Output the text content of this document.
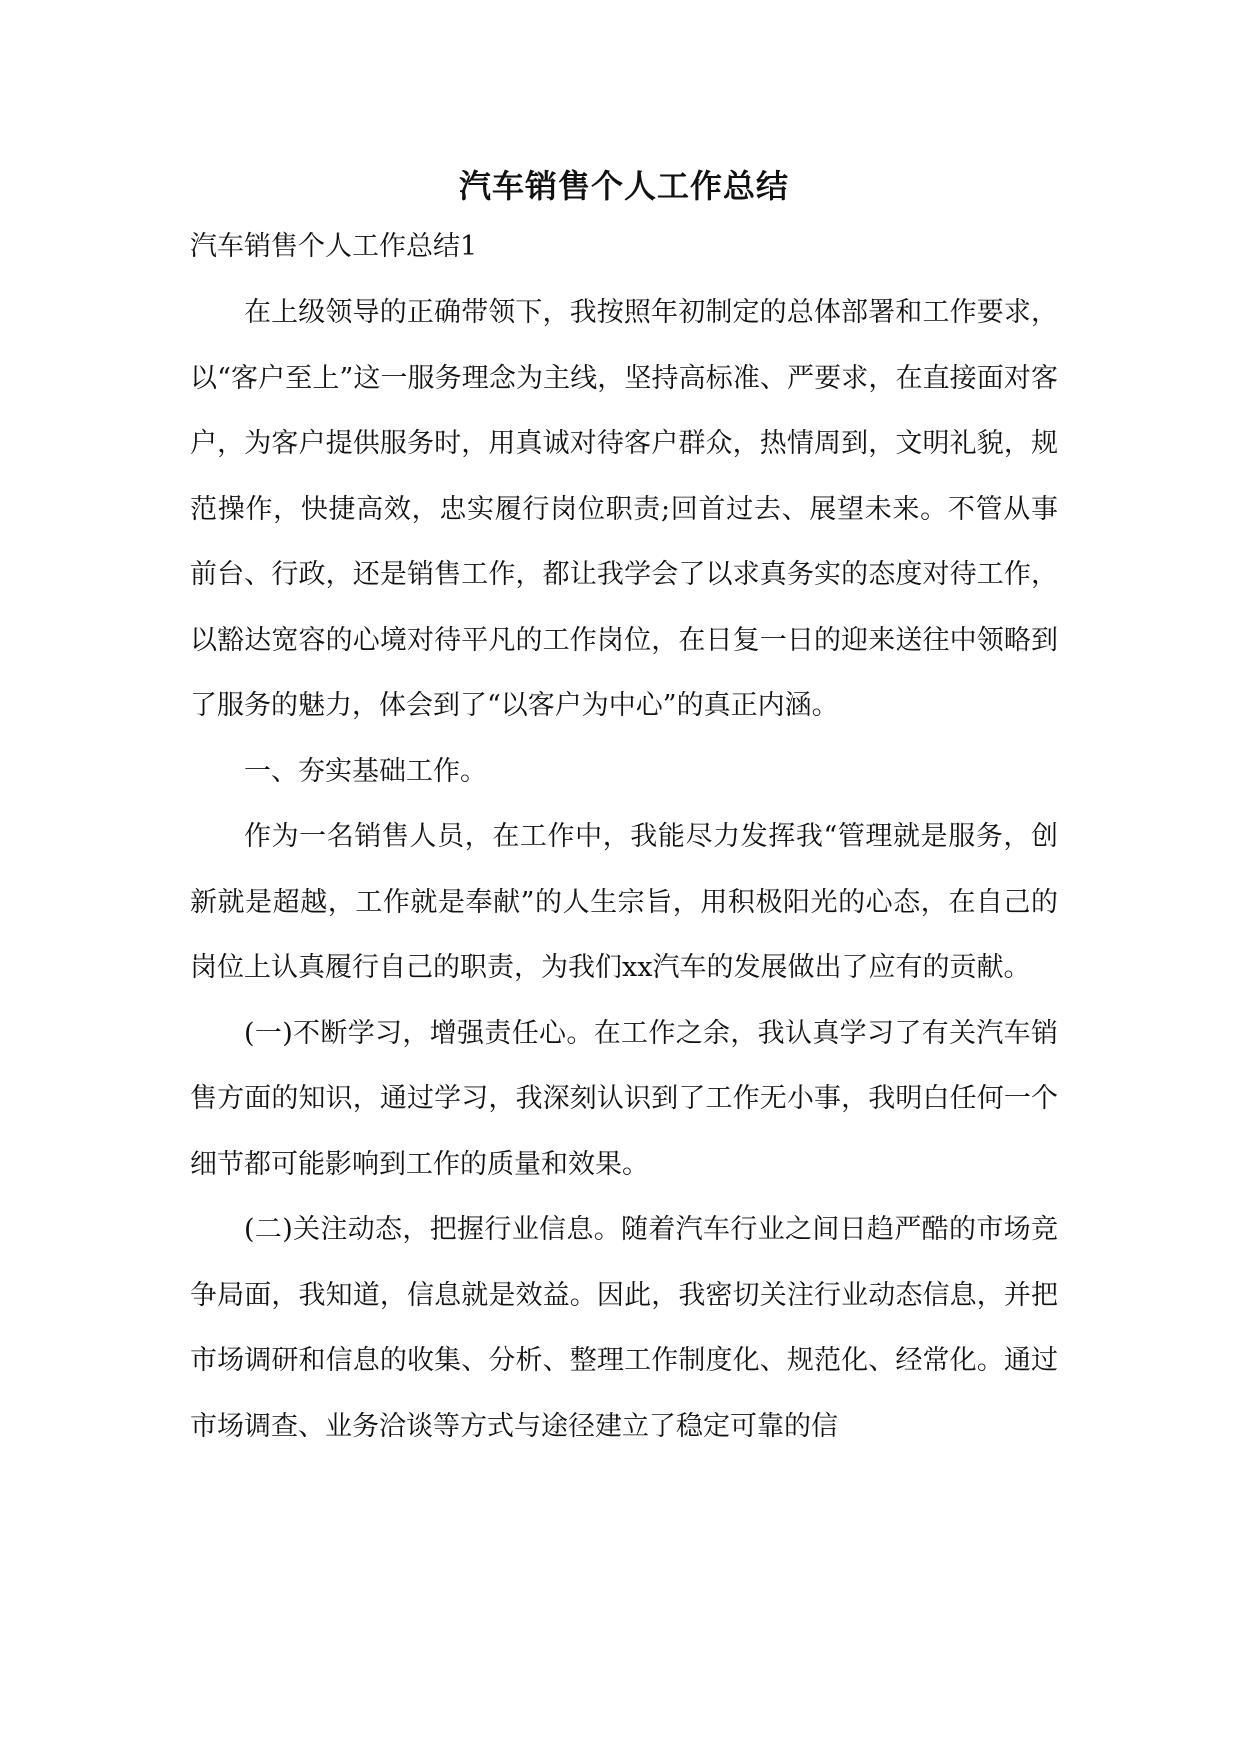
汽车销售个人工作总结

汽车销售个人工作总结1

在上级领导的正确带领下，我按照年初制定的总体部署和工作要求，以“客户至上”这一服务理念为主线，坚持高标准、严要求，在直接面对客户，为客户提供服务时，用真诚对待客户群众，热情周到，文明礼貌，规范操作，快捷高效，忠实履行岗位职责;回首过去、展望未来。不管从事前台、行政，还是销售工作，都让我学会了以求真务实的态度对待工作，以豁达宽容的心境对待平凡的工作岗位，在日复一日的迎来送往中领略到了服务的魅力，体会到了“以客户为中心”的真正内涵。

一、夯实基础工作。

作为一名销售人员，在工作中，我能尽力发挥我“管理就是服务，创新就是超越，工作就是奉献”的人生宗旨，用积极阳光的心态，在自己的岗位上认真履行自己的职责，为我们xx汽车的发展做出了应有的贡献。

(一)不断学习，增强责任心。在工作之余，我认真学习了有关汽车销售方面的知识，通过学习，我深刻认识到了工作无小事，我明白任何一个细节都可能影响到工作的质量和效果。

(二)关注动态，把握行业信息。随着汽车行业之间日趋严酷的市场竞争局面，我知道，信息就是效益。因此，我密切关注行业动态信息，并把市场调研和信息的收集、分析、整理工作制度化、规范化、经常化。通过市场调查、业务洽谈等方式与途径建立了稳定可靠的信
